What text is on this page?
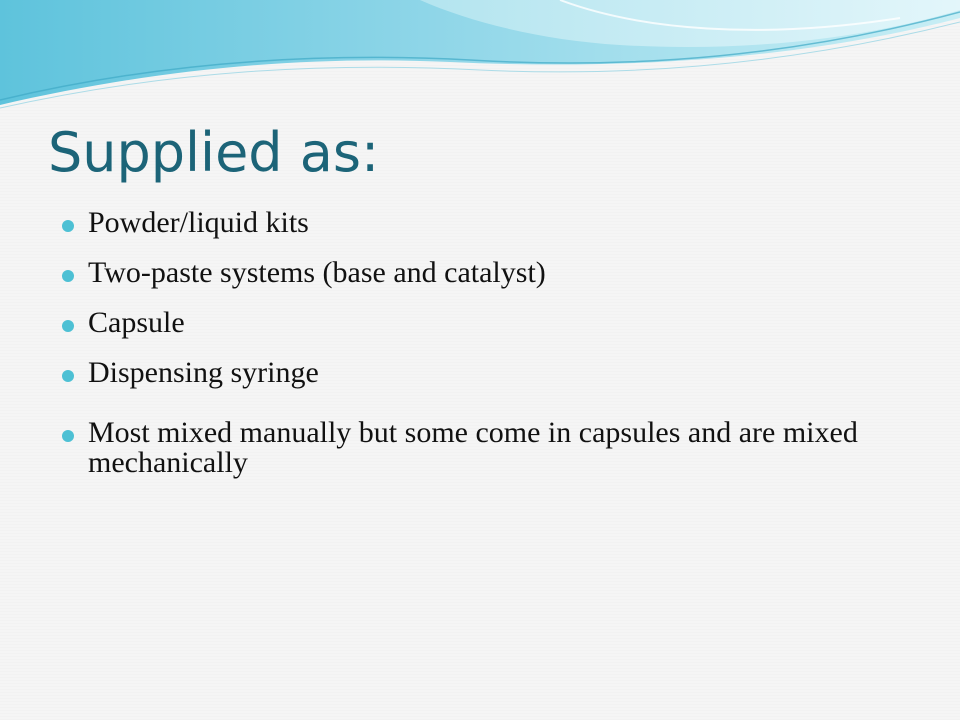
Supplied as:
Powder/liquid kits
Two-paste systems (base and catalyst)
Capsule
Dispensing syringe
Most mixed manually but some come in capsules and are mixed mechanically
